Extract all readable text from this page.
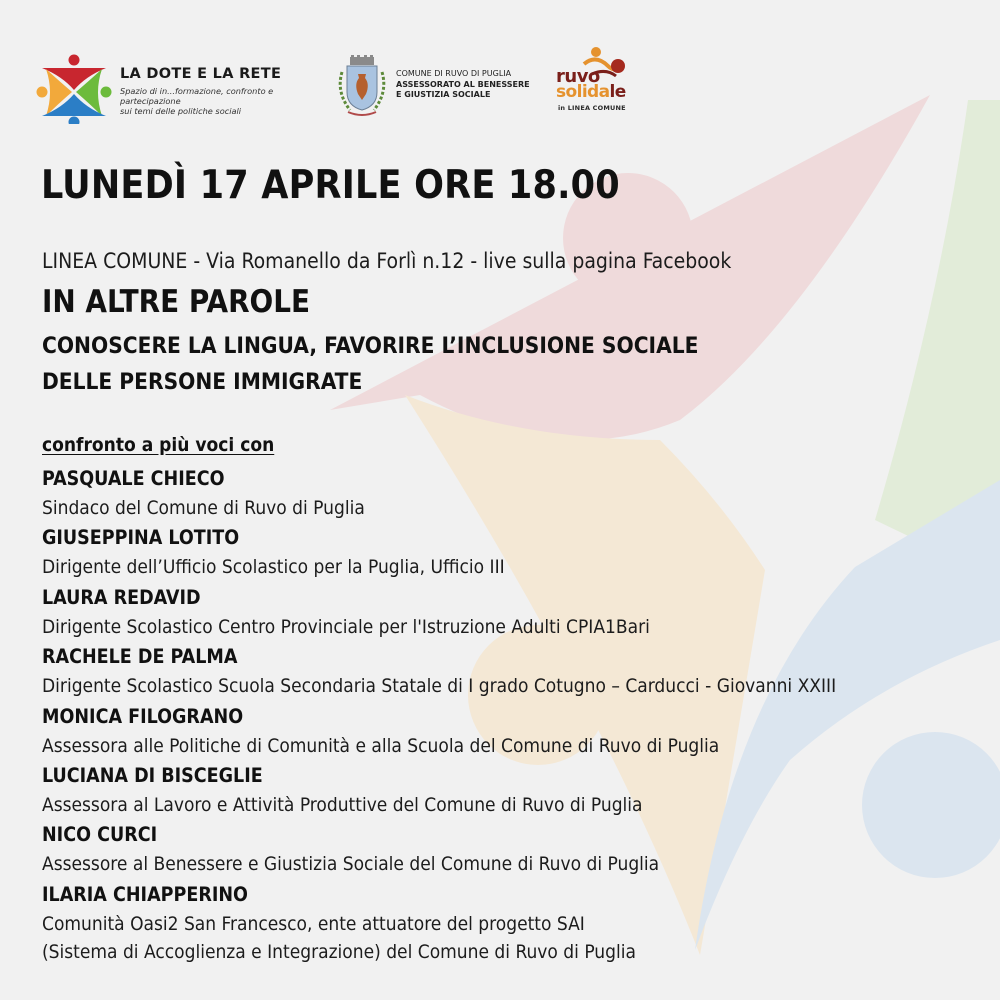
LA DOTE E LA RETE
Spazio di in...formazione, confronto e partecipazione
sui temi delle politiche sociali
COMUNE DI RUVO DI PUGLIA
ASSESSORATO AL BENESSERE
E GIUSTIZIA SOCIALE
ruvo
solidale
in LINEA COMUNE
LUNEDÌ 17 APRILE ORE 18.00
LINEA COMUNE - Via Romanello da Forlì n.12 - live sulla pagina Facebook
IN ALTRE PAROLE
CONOSCERE LA LINGUA, FAVORIRE L’INCLUSIONE SOCIALE
DELLE PERSONE IMMIGRATE
confronto a più voci con
PASQUALE CHIECO
Sindaco del Comune di Ruvo di Puglia
GIUSEPPINA LOTITO
Dirigente dell’Ufficio Scolastico per la Puglia, Ufficio III
LAURA REDAVID
Dirigente Scolastico Centro Provinciale per l'Istruzione Adulti CPIA1Bari
RACHELE DE PALMA
Dirigente Scolastico Scuola Secondaria Statale di I grado Cotugno – Carducci - Giovanni XXIII
MONICA FILOGRANO
Assessora alle Politiche di Comunità e alla Scuola del Comune di Ruvo di Puglia
LUCIANA DI BISCEGLIE
Assessora al Lavoro e Attività Produttive del Comune di Ruvo di Puglia
NICO CURCI
Assessore al Benessere e Giustizia Sociale del Comune di Ruvo di Puglia
ILARIA CHIAPPERINO
Comunità Oasi2 San Francesco, ente attuatore del progetto SAI
(Sistema di Accoglienza e Integrazione) del Comune di Ruvo di Puglia
